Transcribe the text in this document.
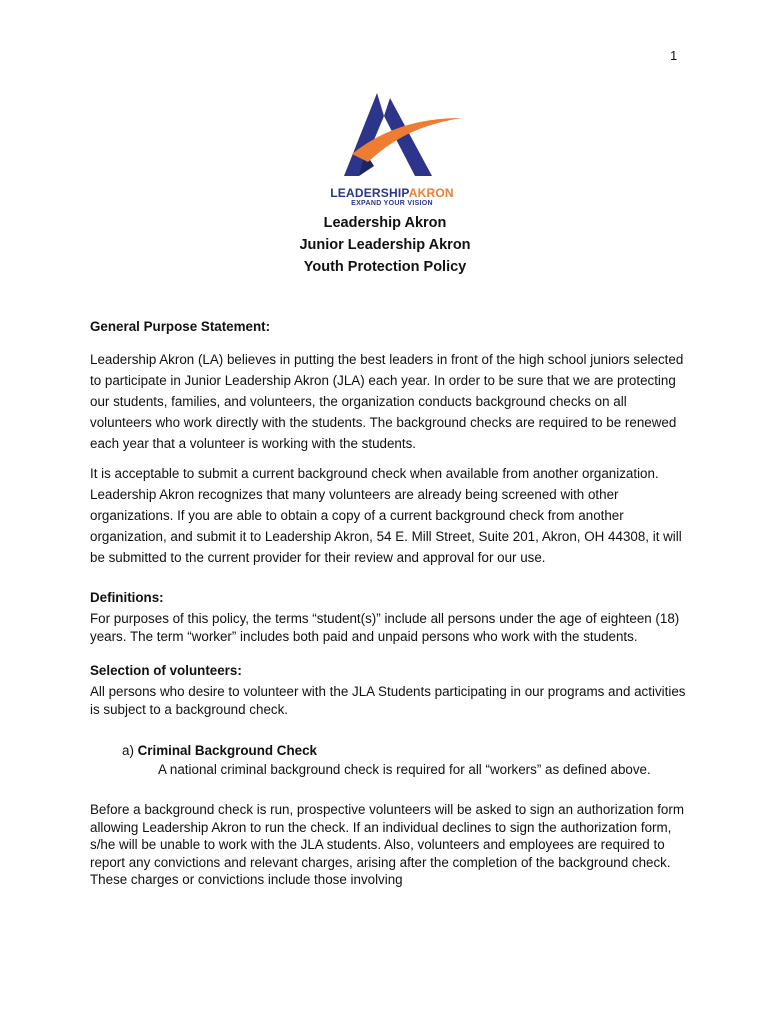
1
LEADERSHIPAKRON
EXPAND YOUR VISION
Leadership Akron
Junior Leadership Akron
Youth Protection Policy
General Purpose Statement:

Leadership Akron (LA) believes in putting the best leaders in front of the high school juniors selected to participate in Junior Leadership Akron (JLA) each year. In order to be sure that we are protecting our students, families, and volunteers, the organization conducts background checks on all volunteers who work directly with the students. The background checks are required to be renewed each year that a volunteer is working with the students.

It is acceptable to submit a current background check when available from another organization. Leadership Akron recognizes that many volunteers are already being screened with other organizations. If you are able to obtain a copy of a current background check from another organization, and submit it to Leadership Akron, 54 E. Mill Street, Suite 201, Akron, OH 44308, it will be submitted to the current provider for their review and approval for our use.

Definitions:

For purposes of this policy, the terms “student(s)” include all persons under the age of eighteen (18) years. The term “worker” includes both paid and unpaid persons who work with the students.

Selection of volunteers:

All persons who desire to volunteer with the JLA Students participating in our programs and activities is subject to a background check.

a) Criminal Background Check
A national criminal background check is required for all “workers” as defined above.

Before a background check is run, prospective volunteers will be asked to sign an authorization form allowing Leadership Akron to run the check. If an individual declines to sign the authorization form, s/he will be unable to work with the JLA students. Also, volunteers and employees are required to report any convictions and relevant charges, arising after the completion of the background check. These charges or convictions include those involving
